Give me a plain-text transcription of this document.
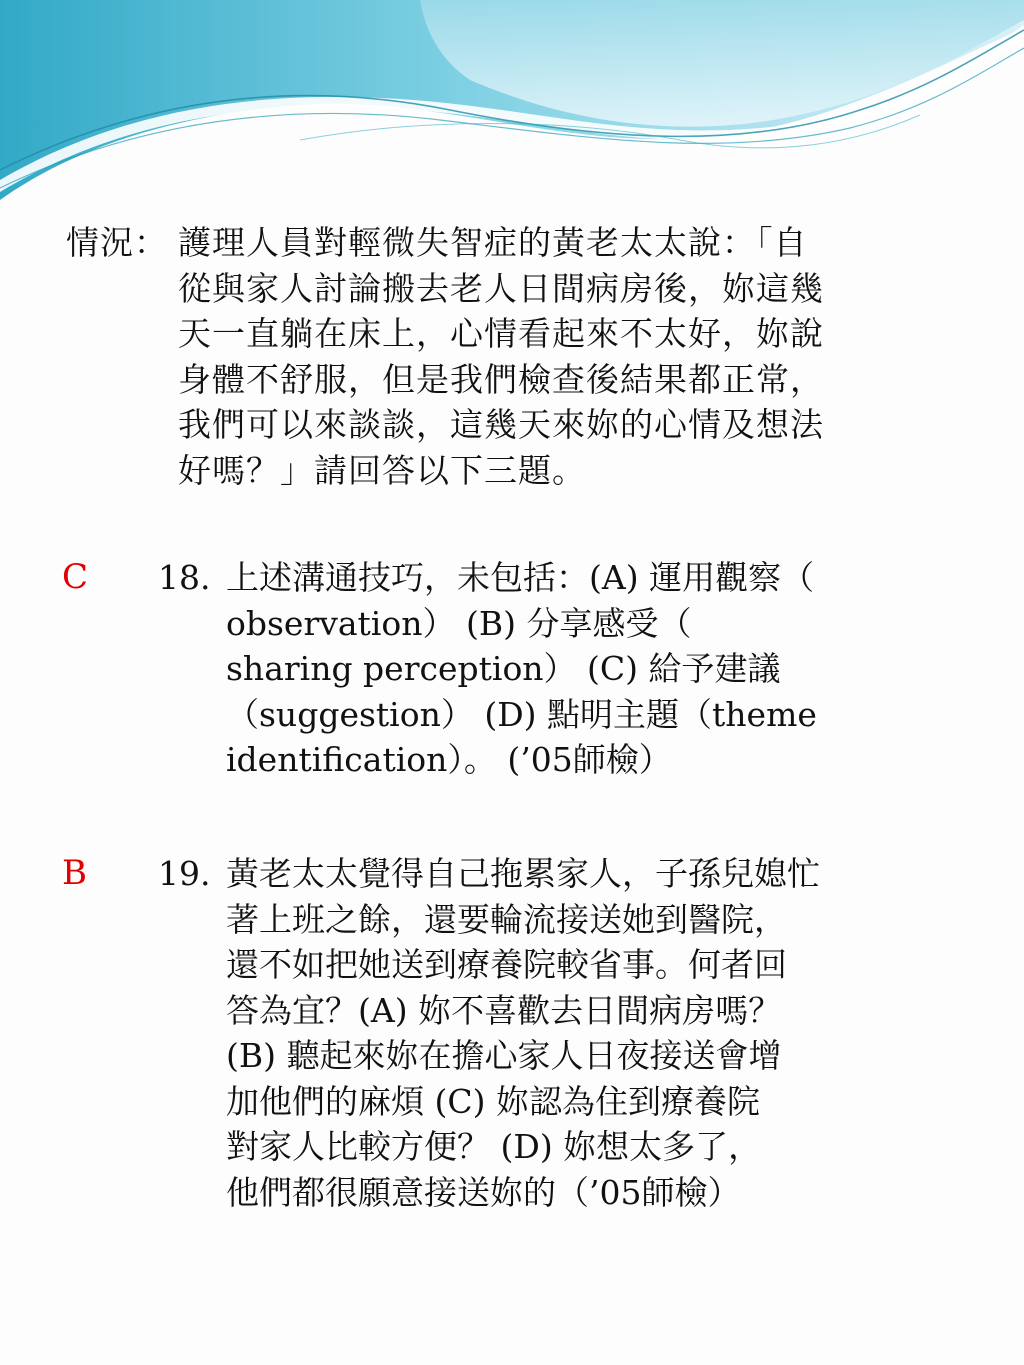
情況： 護理人員對輕微失智症的黃老太太說：「自
從與家人討論搬去老人日間病房後，妳這幾
天一直躺在床上，心情看起來不太好，妳說
身體不舒服，但是我們檢查後結果都正常，
我們可以來談談，這幾天來妳的心情及想法
好嗎？」請回答以下三題。
C 18. 上述溝通技巧，未包括：(A) 運用觀察（
observation） (B) 分享感受（
sharing perception） (C) 給予建議
（suggestion） (D) 點明主題（theme
identification）。 (’05師檢）
B 19. 黃老太太覺得自己拖累家人，子孫兒媳忙
著上班之餘，還要輪流接送她到醫院，
還不如把她送到療養院較省事。何者回
答為宜？(A) 妳不喜歡去日間病房嗎？
(B) 聽起來妳在擔心家人日夜接送會增
加他們的麻煩 (C) 妳認為住到療養院
對家人比較方便？ (D) 妳想太多了，
他們都很願意接送妳的（’05師檢）
